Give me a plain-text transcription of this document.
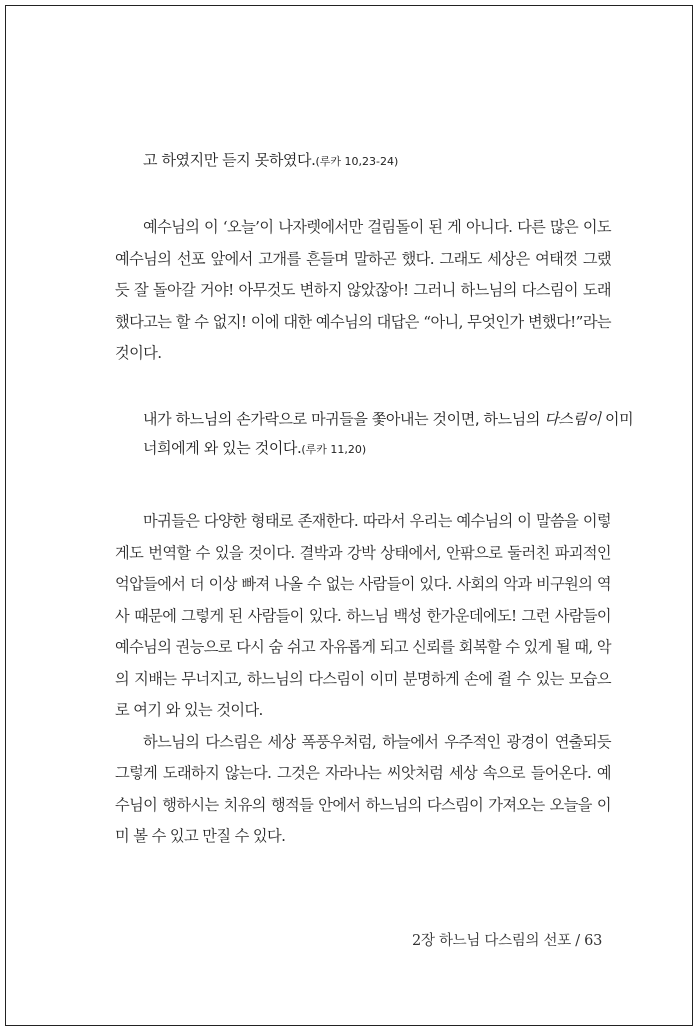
고 하였지만 듣지 못하였다.(루카 10,23-24)

예수님의 이 ‘오늘’이 나자렛에서만 걸림돌이 된 게 아니다. 다른 많은 이도 예수님의 선포 앞에서 고개를 흔들며 말하곤 했다. 그래도 세상은 여태껏 그랬듯 잘 돌아갈 거야! 아무것도 변하지 않았잖아! 그러니 하느님의 다스림이 도래했다고는 할 수 없지! 이에 대한 예수님의 대답은 “아니, 무엇인가 변했다!”라는 것이다.

내가 하느님의 손가락으로 마귀들을 쫓아내는 것이면, 하느님의 다스림이 이미
너희에게 와 있는 것이다.(루카 11,20)

마귀들은 다양한 형태로 존재한다. 따라서 우리는 예수님의 이 말씀을 이렇게도 번역할 수 있을 것이다. 결박과 강박 상태에서, 안팎으로 둘러친 파괴적인 억압들에서 더 이상 빠져 나올 수 없는 사람들이 있다. 사회의 악과 비구원의 역사 때문에 그렇게 된 사람들이 있다. 하느님 백성 한가운데에도! 그런 사람들이 예수님의 권능으로 다시 숨 쉬고 자유롭게 되고 신뢰를 회복할 수 있게 될 때, 악의 지배는 무너지고, 하느님의 다스림이 이미 분명하게 손에 쥘 수 있는 모습으로 여기 와 있는 것이다.

하느님의 다스림은 세상 폭풍우처럼, 하늘에서 우주적인 광경이 연출되듯 그렇게 도래하지 않는다. 그것은 자라나는 씨앗처럼 세상 속으로 들어온다. 예수님이 행하시는 치유의 행적들 안에서 하느님의 다스림이 가져오는 오늘을 이미 볼 수 있고 만질 수 있다.

2장 하느님 다스림의 선포 / 63
